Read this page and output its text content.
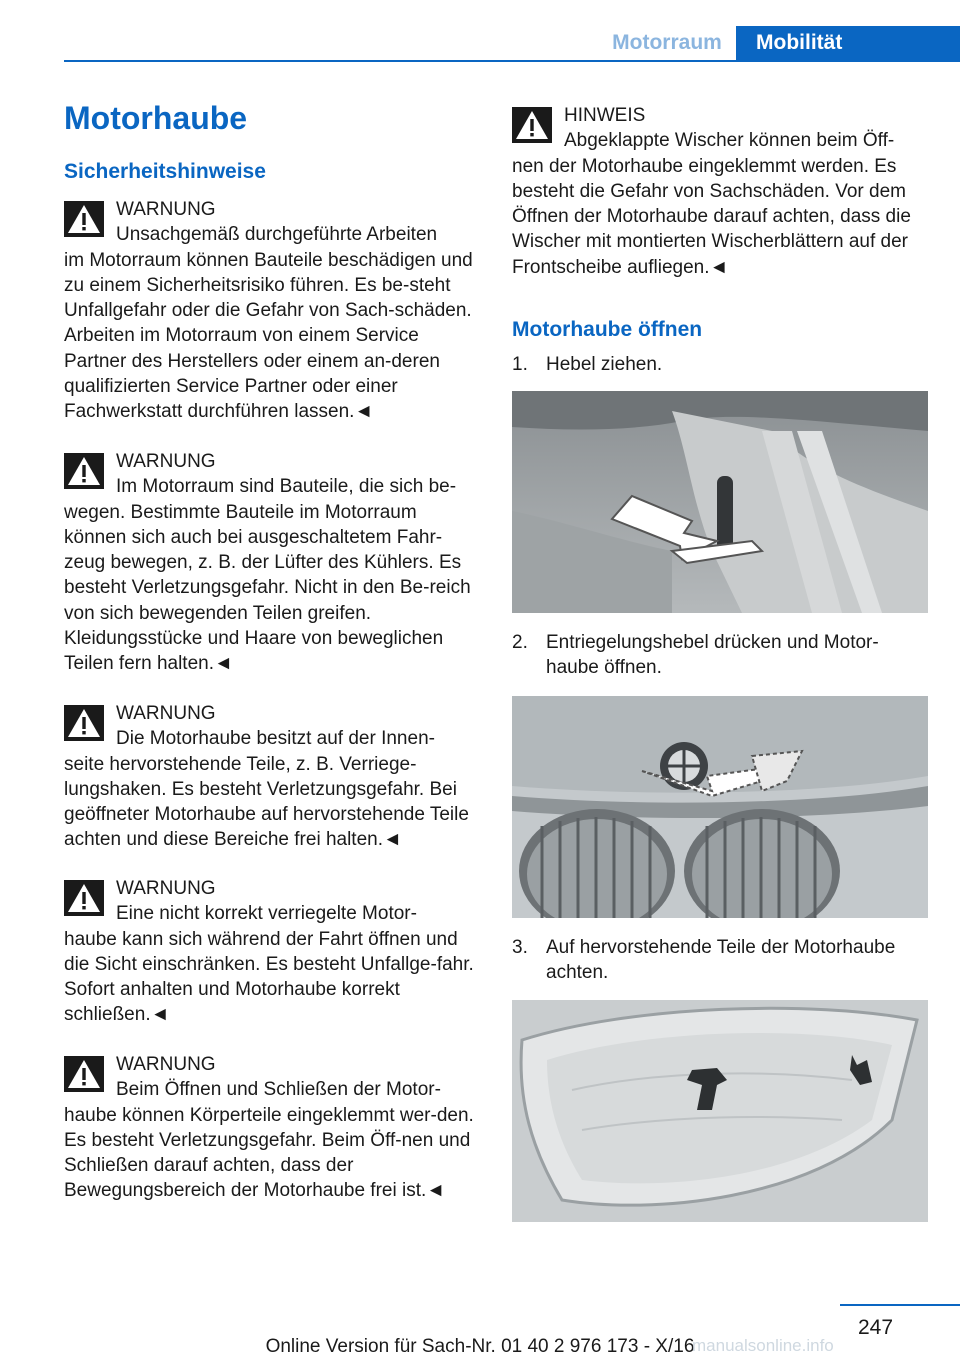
Motorraum	Mobilität
Motorhaube
Sicherheitshinweise
WARNUNG
Unsachgemäß durchgeführte Arbeiten
im Motorraum können Bauteile beschädigen und zu einem Sicherheitsrisiko führen. Es be-steht Unfallgefahr oder die Gefahr von Sach-schäden. Arbeiten im Motorraum von einem Service Partner des Herstellers oder einem an-deren qualifizierten Service Partner oder einer Fachwerkstatt durchführen lassen.◄
WARNUNG
Im Motorraum sind Bauteile, die sich be-
wegen. Bestimmte Bauteile im Motorraum können sich auch bei ausgeschaltetem Fahr-zeug bewegen, z. B. der Lüfter des Kühlers. Es besteht Verletzungsgefahr. Nicht in den Be-reich von sich bewegenden Teilen greifen. Kleidungsstücke und Haare von beweglichen Teilen fern halten.◄
WARNUNG
Die Motorhaube besitzt auf der Innen-
seite hervorstehende Teile, z. B. Verriege-lungshaken. Es besteht Verletzungsgefahr. Bei geöffneter Motorhaube auf hervorstehende Teile achten und diese Bereiche frei halten.◄
WARNUNG
Eine nicht korrekt verriegelte Motor-
haube kann sich während der Fahrt öffnen und die Sicht einschränken. Es besteht Unfallge-fahr. Sofort anhalten und Motorhaube korrekt schließen.◄
WARNUNG
Beim Öffnen und Schließen der Motor-
haube können Körperteile eingeklemmt wer-den. Es besteht Verletzungsgefahr. Beim Öff-nen und Schließen darauf achten, dass der Bewegungsbereich der Motorhaube frei ist.◄
HINWEIS
Abgeklappte Wischer können beim Öff-
nen der Motorhaube eingeklemmt werden. Es besteht die Gefahr von Sachschäden. Vor dem Öffnen der Motorhaube darauf achten, dass die Wischer mit montierten Wischerblättern auf der Frontscheibe aufliegen.◄
Motorhaube öffnen
1. Hebel ziehen.
2. Entriegelungshebel drücken und Motor-haube öffnen.
3. Auf hervorstehende Teile der Motorhaube achten.
247
Online Version für Sach-Nr. 01 40 2 976 173 - X/16
manualsonline.info
